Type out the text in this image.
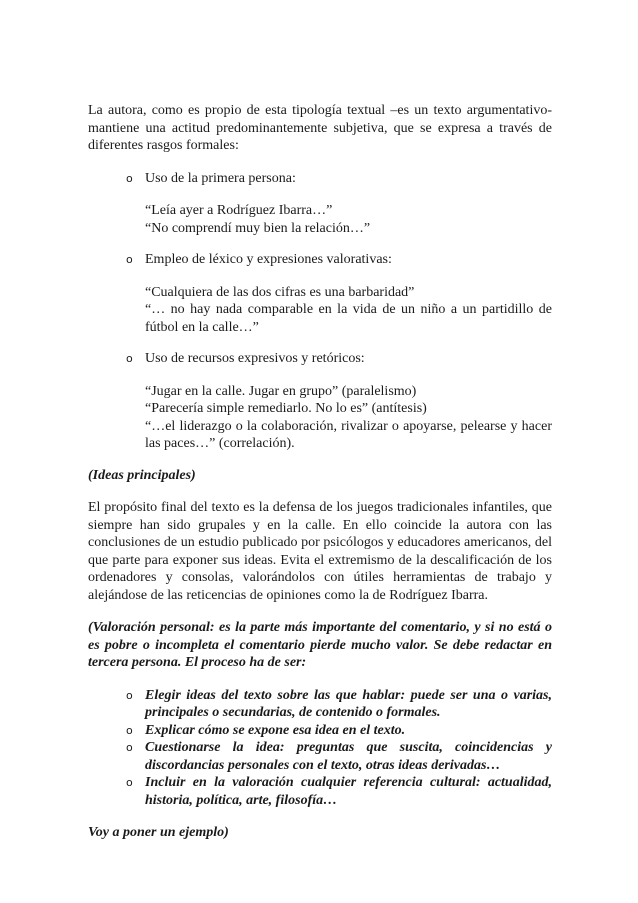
La autora, como es propio de esta tipología textual –es un texto argumentativo- mantiene una actitud predominantemente subjetiva, que se expresa a través de diferentes rasgos formales:

o Uso de la primera persona:

“Leía ayer a Rodríguez Ibarra…”

“No comprendí muy bien la relación…”

o Empleo de léxico y expresiones valorativas:

“Cualquiera de las dos cifras es una barbaridad”

“… no hay nada comparable en la vida de un niño a un partidillo de fútbol en la calle…”

o Uso de recursos expresivos y retóricos:

“Jugar en la calle. Jugar en grupo” (paralelismo)

“Parecería simple remediarlo. No lo es” (antítesis)

“…el liderazgo o la colaboración, rivalizar o apoyarse, pelearse y hacer las paces…” (correlación).

(Ideas principales)

El propósito final del texto es la defensa de los juegos tradicionales infantiles, que siempre han sido grupales y en la calle. En ello coincide la autora con las conclusiones de un estudio publicado por psicólogos y educadores americanos, del que parte para exponer sus ideas. Evita el extremismo de la descalificación de los ordenadores y consolas, valorándolos con útiles herramientas de trabajo y alejándose de las reticencias de opiniones como la de Rodríguez Ibarra.

(Valoración personal: es la parte más importante del comentario, y si no está o es pobre o incompleta el comentario pierde mucho valor. Se debe redactar en tercera persona. El proceso ha de ser:

o Elegir ideas del texto sobre las que hablar: puede ser una o varias, principales o secundarias, de contenido o formales.
o Explicar cómo se expone esa idea en el texto.
o Cuestionarse la idea: preguntas que suscita, coincidencias y discordancias personales con el texto, otras ideas derivadas…
o Incluir en la valoración cualquier referencia cultural: actualidad, historia, política, arte, filosofía…

Voy a poner un ejemplo)
